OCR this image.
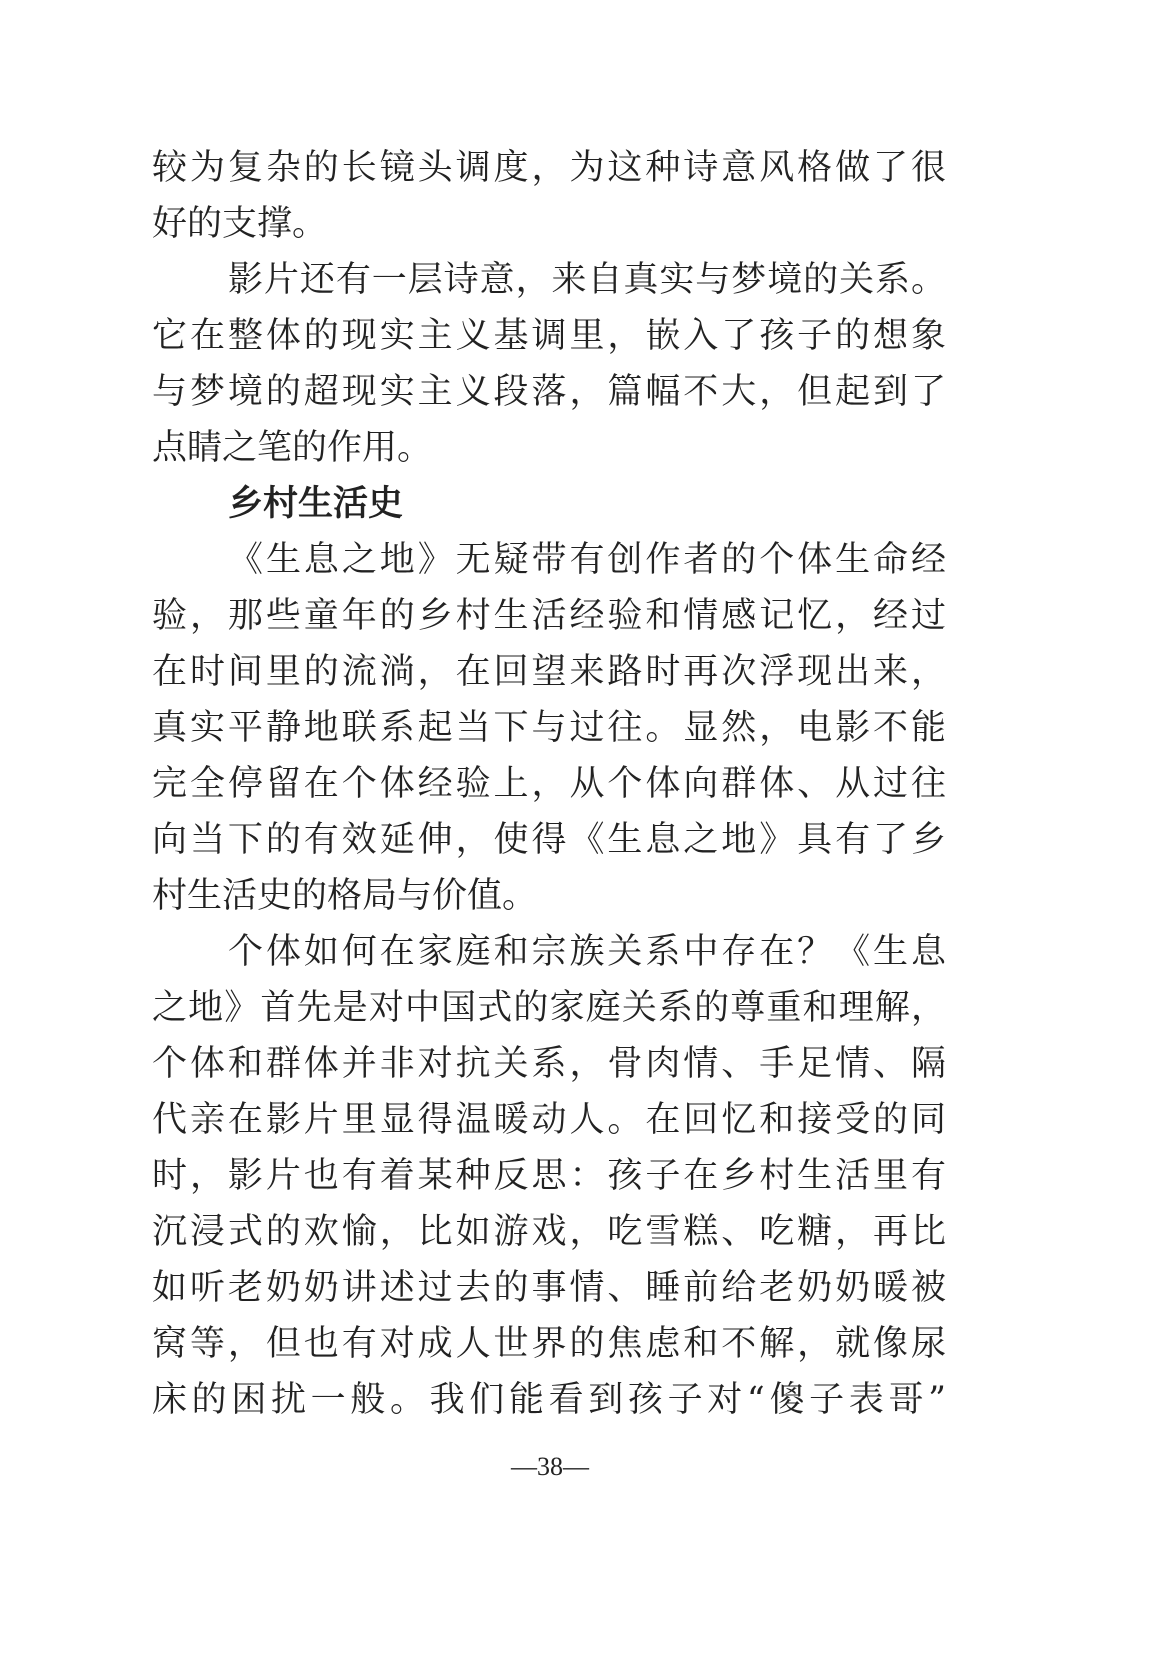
较为复杂的长镜头调度，为这种诗意风格做了很
好的支撑。
影片还有一层诗意，来自真实与梦境的关系。
它在整体的现实主义基调里，嵌入了孩子的想象
与梦境的超现实主义段落，篇幅不大，但起到了
点睛之笔的作用。
乡村生活史
《生息之地》无疑带有创作者的个体生命经
验，那些童年的乡村生活经验和情感记忆，经过
在时间里的流淌，在回望来路时再次浮现出来，
真实平静地联系起当下与过往。显然，电影不能
完全停留在个体经验上，从个体向群体、从过往
向当下的有效延伸，使得《生息之地》具有了乡
村生活史的格局与价值。
个体如何在家庭和宗族关系中存在？《生息
之地》首先是对中国式的家庭关系的尊重和理解，
个体和群体并非对抗关系，骨肉情、手足情、隔
代亲在影片里显得温暖动人。在回忆和接受的同
时，影片也有着某种反思：孩子在乡村生活里有
沉浸式的欢愉，比如游戏，吃雪糕、吃糖，再比
如听老奶奶讲述过去的事情、睡前给老奶奶暖被
窝等，但也有对成人世界的焦虑和不解，就像尿
床的困扰一般。我们能看到孩子对“傻子表哥”
—38—
